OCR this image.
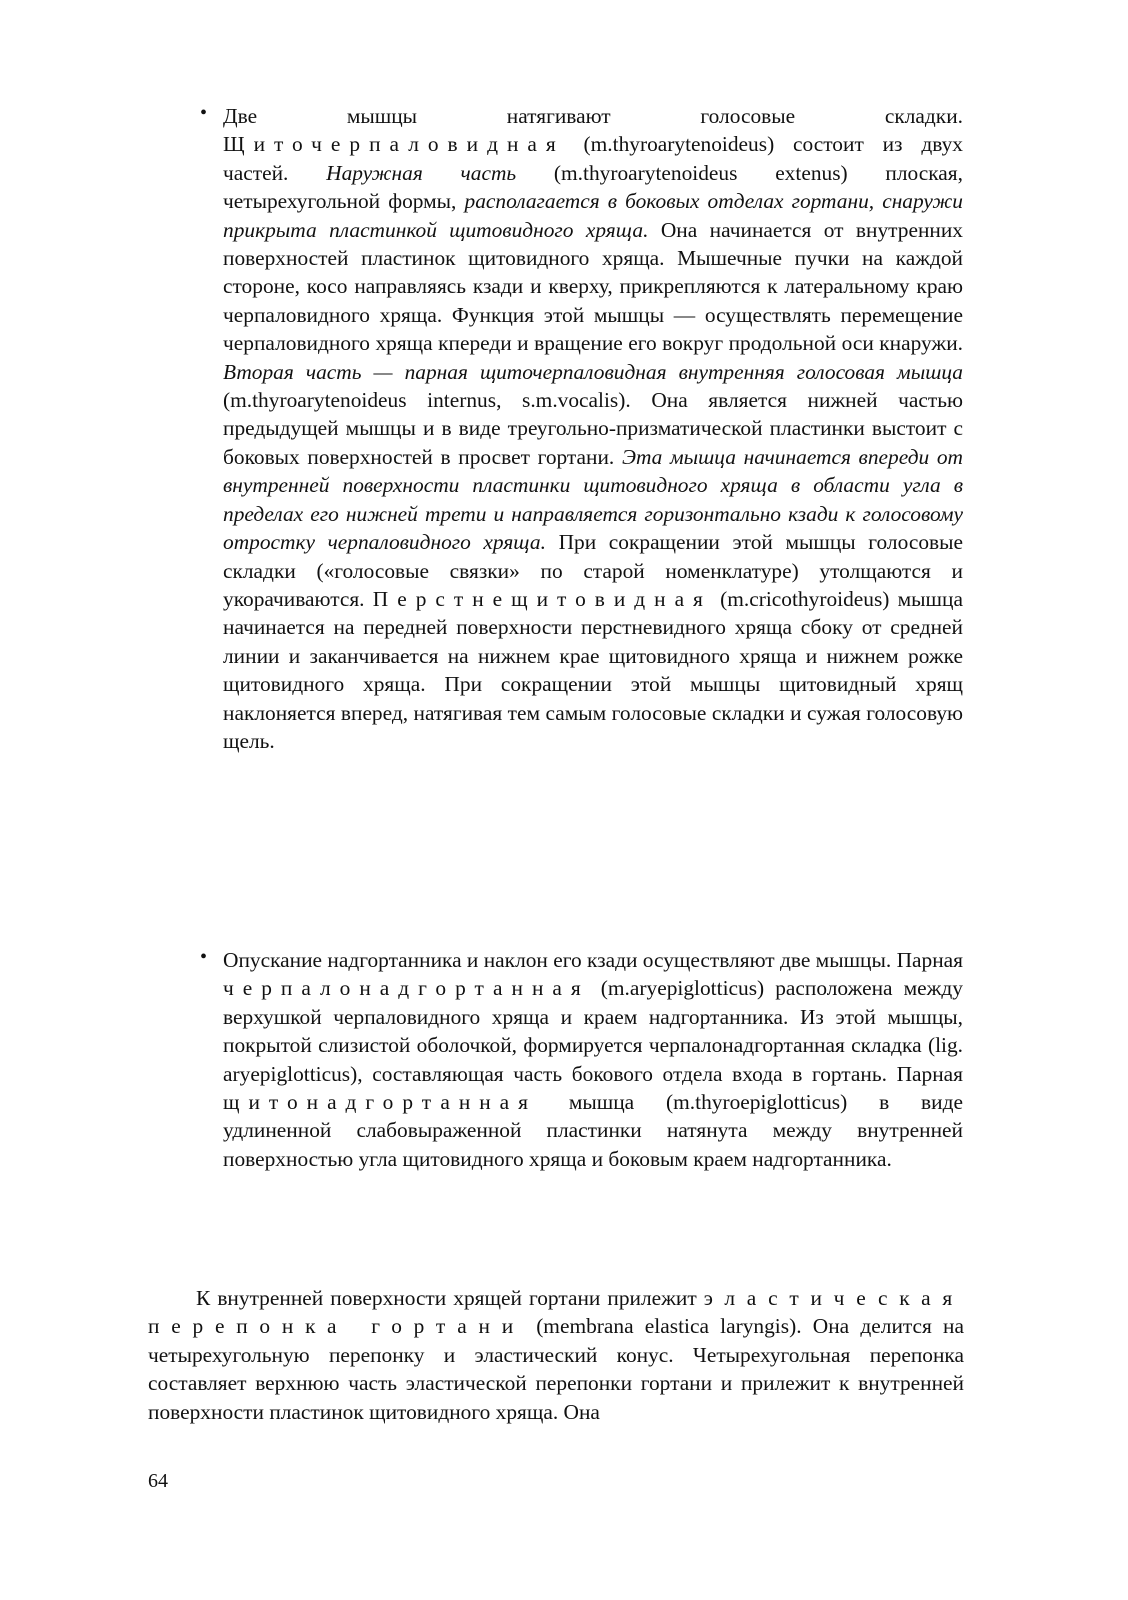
• Две мышцы натягивают голосовые складки. Щиточерпаловидная (m.thyroarytenoideus) состоит из двух частей. Наружная часть (m.thyroarytenoideus extenus) плоская, четырехугольной формы, располагается в боковых отделах гортани, снаружи прикрыта пластинкой щитовидного хряща. Она начинается от внутренних поверхностей пластинок щитовидного хряща. Мышечные пучки на каждой стороне, косо направляясь кзади и кверху, прикрепляются к латеральному краю черпаловидного хряща. Функция этой мышцы — осуществлять перемещение черпаловидного хряща кпереди и вращение его вокруг продольной оси кнаружи. Вторая часть — парная щиточерпаловидная внутренняя голосовая мышца (m.thyroarytenoideus internus, s.m.vocalis). Она является нижней частью предыдущей мышцы и в виде треугольно-призматической пластинки выстоит с боковых поверхностей в просвет гортани. Эта мышца начинается впереди от внутренней поверхности пластинки щитовидного хряща в области угла в пределах его нижней трети и направляется горизонтально кзади к голосовому отростку черпаловидного хряща. При сокращении этой мышцы голосовые складки («голосовые связки» по старой номенклатуре) утолщаются и укорачиваются. Перстнещитовидная (m.cricothyroideus) мышца начинается на передней поверхности перстневидного хряща сбоку от средней линии и заканчивается на нижнем крае щитовидного хряща и нижнем рожке щитовидного хряща. При сокращении этой мышцы щитовидный хрящ наклоняется вперед, натягивая тем самым голосовые складки и сужая голосовую щель.
• Опускание надгортанника и наклон его кзади осуществляют две мышцы. Парная черпалонадгортанная (m.aryepiglotticus) расположена между верхушкой черпаловидного хряща и краем надгортанника. Из этой мышцы, покрытой слизистой оболочкой, формируется черпалонадгортанная складка (lig. aryepiglotticus), составляющая часть бокового отдела входа в гортань. Парная щитонадгортанная мышца (m.thyroepiglotticus) в виде удлиненной слабовыраженной пластинки натянута между внутренней поверхностью угла щитовидного хряща и боковым краем надгортанника.
К внутренней поверхности хрящей гортани прилежит эластическая перепонка гортани (membrana elastica laryngis). Она делится на четырехугольную перепонку и эластический конус. Четырехугольная перепонка составляет верхнюю часть эластической перепонки гортани и прилежит к внутренней поверхности пластинок щитовидного хряща. Она
64
